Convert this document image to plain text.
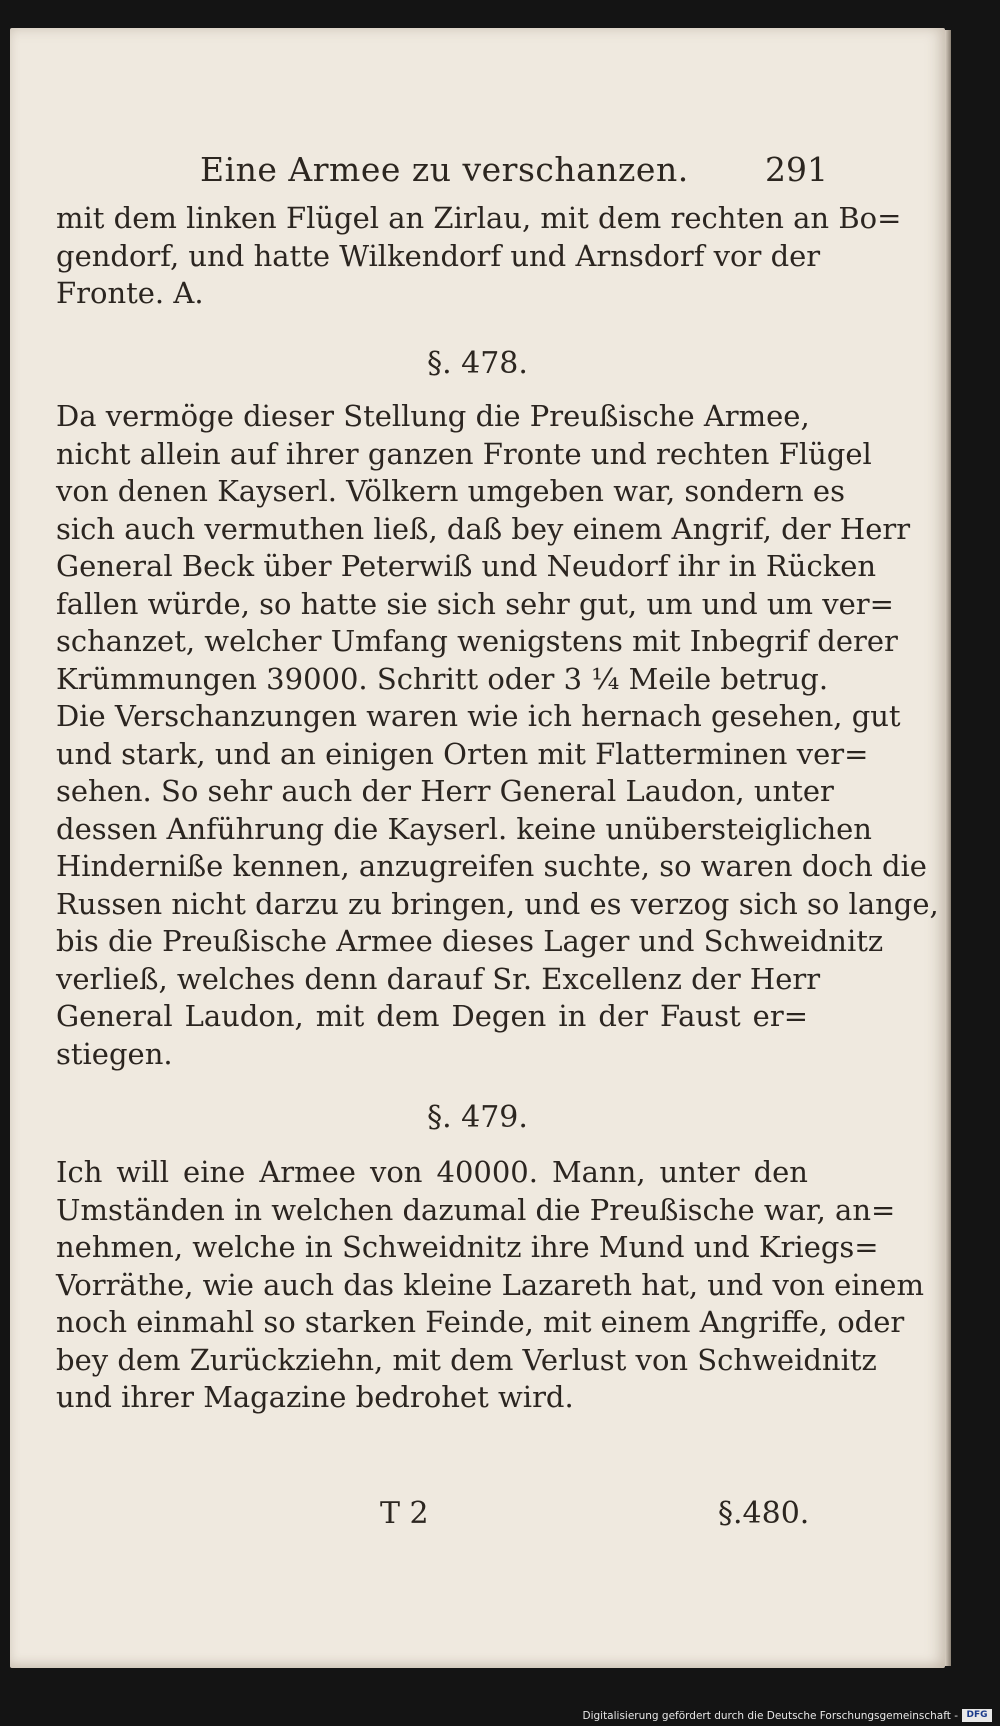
Eine Armee zu verschanzen. 291
mit dem linken Flügel an Zirlau, mit dem rechten an Bo=
gendorf, und hatte Wilkendorf und Arnsdorf vor der
Fronte. A.
§. 478.
Da vermöge dieser Stellung die Preußische Armee,
nicht allein auf ihrer ganzen Fronte und rechten Flügel
von denen Kayserl. Völkern umgeben war, sondern es
sich auch vermuthen ließ, daß bey einem Angrif, der Herr
General Beck über Peterwiß und Neudorf ihr in Rücken
fallen würde, so hatte sie sich sehr gut, um und um ver=
schanzet, welcher Umfang wenigstens mit Inbegrif derer
Krümmungen 39000. Schritt oder 3 ¼ Meile betrug.
Die Verschanzungen waren wie ich hernach gesehen, gut
und stark, und an einigen Orten mit Flatterminen ver=
sehen. So sehr auch der Herr General Laudon, unter
dessen Anführung die Kayserl. keine unübersteiglichen
Hinderniße kennen, anzugreifen suchte, so waren doch die
Russen nicht darzu zu bringen, und es verzog sich so lange,
bis die Preußische Armee dieses Lager und Schweidnitz
verließ, welches denn darauf Sr. Excellenz der Herr
General Laudon, mit dem Degen in der Faust er=
stiegen.
§. 479.
Ich will eine Armee von 40000. Mann, unter den
Umständen in welchen dazumal die Preußische war, an=
nehmen, welche in Schweidnitz ihre Mund und Kriegs=
Vorräthe, wie auch das kleine Lazareth hat, und von einem
noch einmahl so starken Feinde, mit einem Angriffe, oder
bey dem Zurückziehn, mit dem Verlust von Schweidnitz
und ihrer Magazine bedrohet wird.
T 2	§.480.
Digitalisierung gefördert durch die Deutsche Forschungsgemeinschaft - DFG
